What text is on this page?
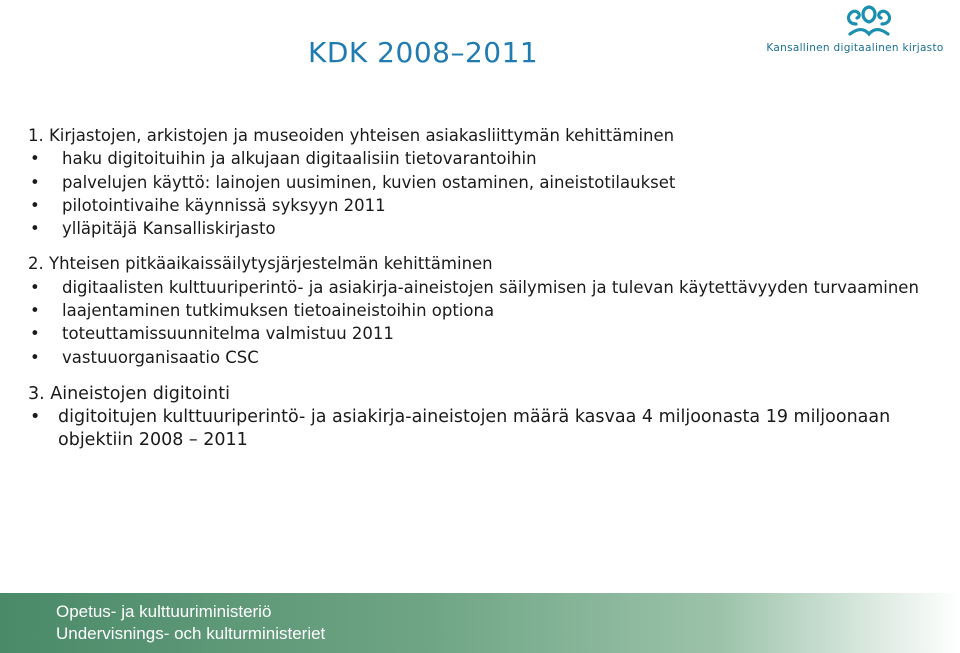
KDK 2008–2011	Kansallinen digitaalinen kirjasto
1. Kirjastojen, arkistojen ja museoiden yhteisen asiakasliittymän kehittäminen
• haku digitoituihin ja alkujaan digitaalisiin tietovarantoihin
• palvelujen käyttö: lainojen uusiminen, kuvien ostaminen, aineistotilaukset
• pilotointivaihe käynnissä syksyyn 2011
• ylläpitäjä Kansalliskirjasto
2. Yhteisen pitkäaikaissäilytysjärjestelmän kehittäminen
• digitaalisten kulttuuriperintö- ja asiakirja-aineistojen säilymisen ja tulevan käytettävyyden turvaaminen
• laajentaminen tutkimuksen tietoaineistoihin optiona
• toteuttamissuunnitelma valmistuu 2011
• vastuuorganisaatio CSC
3. Aineistojen digitointi
• digitoitujen kulttuuriperintö- ja asiakirja-aineistojen määrä kasvaa 4 miljoonasta 19 miljoonaan objektiin 2008 – 2011
Opetus- ja kulttuuriministeriö
Undervisnings- och kulturministeriet
